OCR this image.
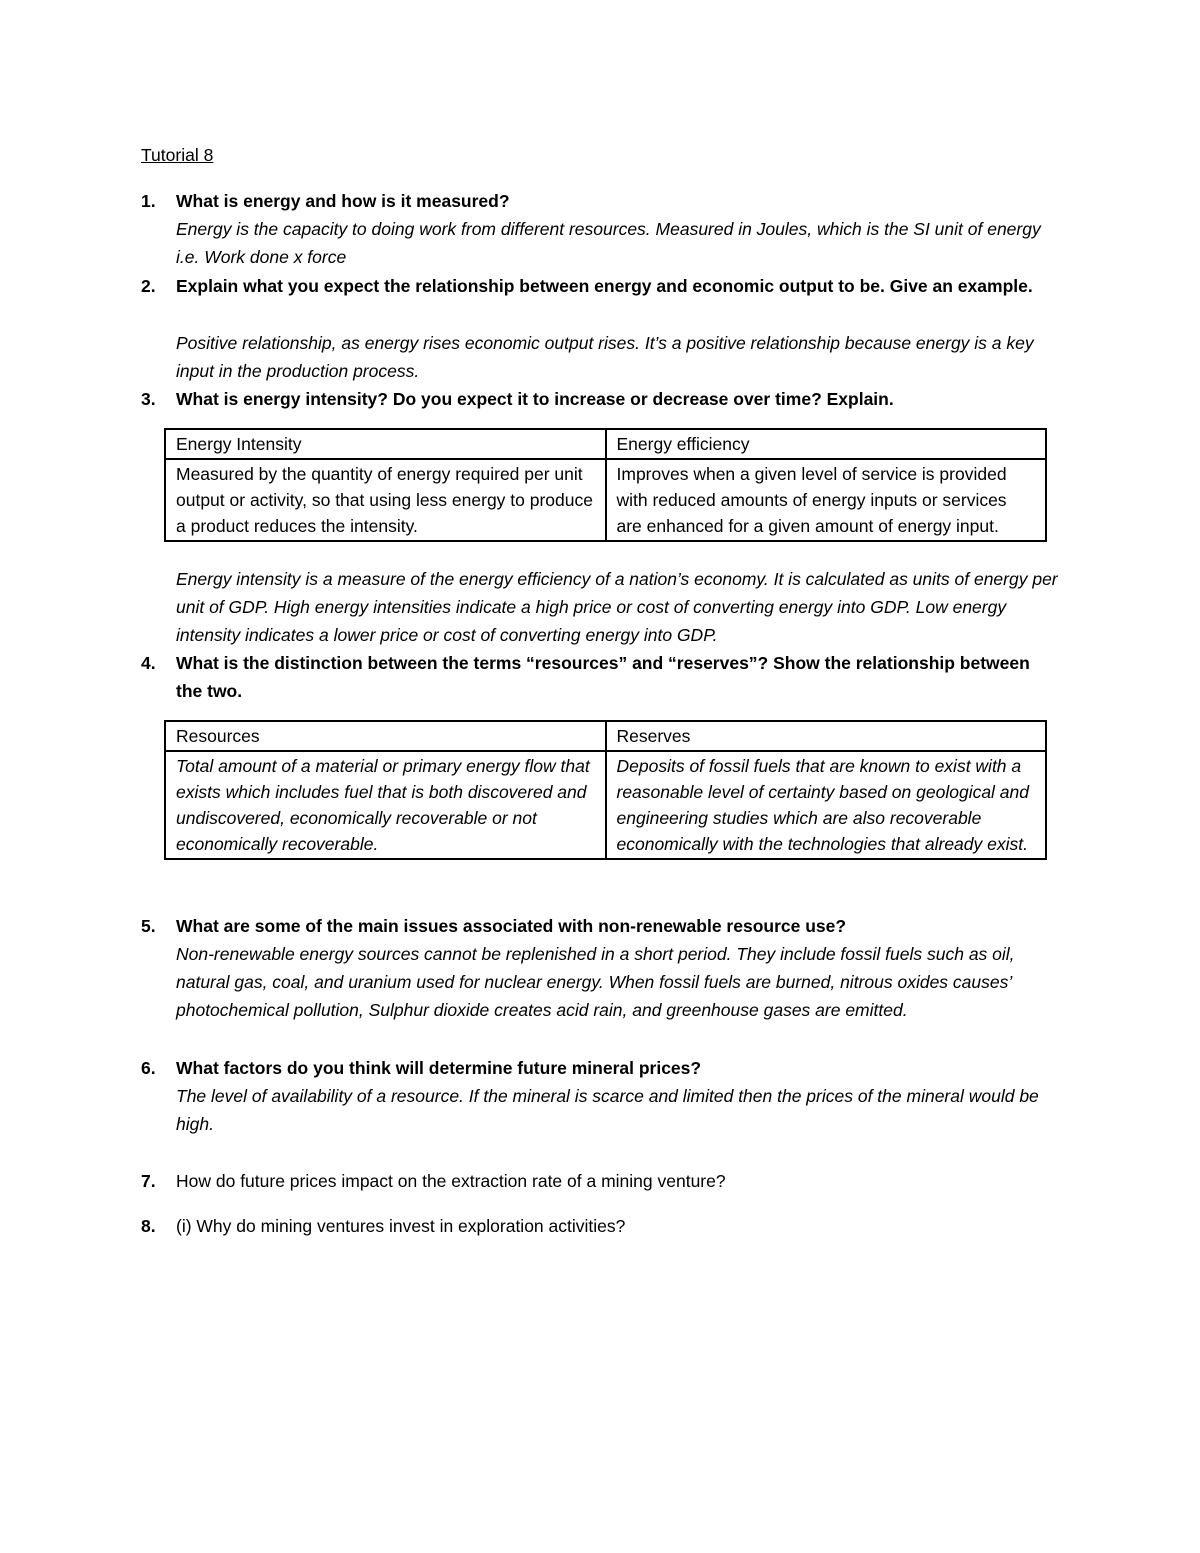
Tutorial 8
1.	What is energy and how is it measured?
Energy is the capacity to doing work from different resources. Measured in Joules, which is the SI unit of energy i.e. Work done x force
2.	Explain what you expect the relationship between energy and economic output to be. Give an example.
Positive relationship, as energy rises economic output rises. It’s a positive relationship because energy is a key input in the production process.
3.	What is energy intensity? Do you expect it to increase or decrease over time? Explain.
Energy Intensity	Energy efficiency
Measured by the quantity of energy required per unit output or activity, so that using less energy to produce a product reduces the intensity.	Improves when a given level of service is provided with reduced amounts of energy inputs or services are enhanced for a given amount of energy input.
Energy intensity is a measure of the energy efficiency of a nation’s economy. It is calculated as units of energy per unit of GDP. High energy intensities indicate a high price or cost of converting energy into GDP. Low energy intensity indicates a lower price or cost of converting energy into GDP.
4.	What is the distinction between the terms “resources” and “reserves”? Show the relationship between the two.
Resources	Reserves
Total amount of a material or primary energy flow that exists which includes fuel that is both discovered and undiscovered, economically recoverable or not economically recoverable.	Deposits of fossil fuels that are known to exist with a reasonable level of certainty based on geological and engineering studies which are also recoverable economically with the technologies that already exist.
5.	What are some of the main issues associated with non-renewable resource use?
Non-renewable energy sources cannot be replenished in a short period. They include fossil fuels such as oil, natural gas, coal, and uranium used for nuclear energy. When fossil fuels are burned, nitrous oxides causes’ photochemical pollution, Sulphur dioxide creates acid rain, and greenhouse gases are emitted.
6.	What factors do you think will determine future mineral prices?
The level of availability of a resource. If the mineral is scarce and limited then the prices of the mineral would be high.
7.	How do future prices impact on the extraction rate of a mining venture?
8.	(i) Why do mining ventures invest in exploration activities?
